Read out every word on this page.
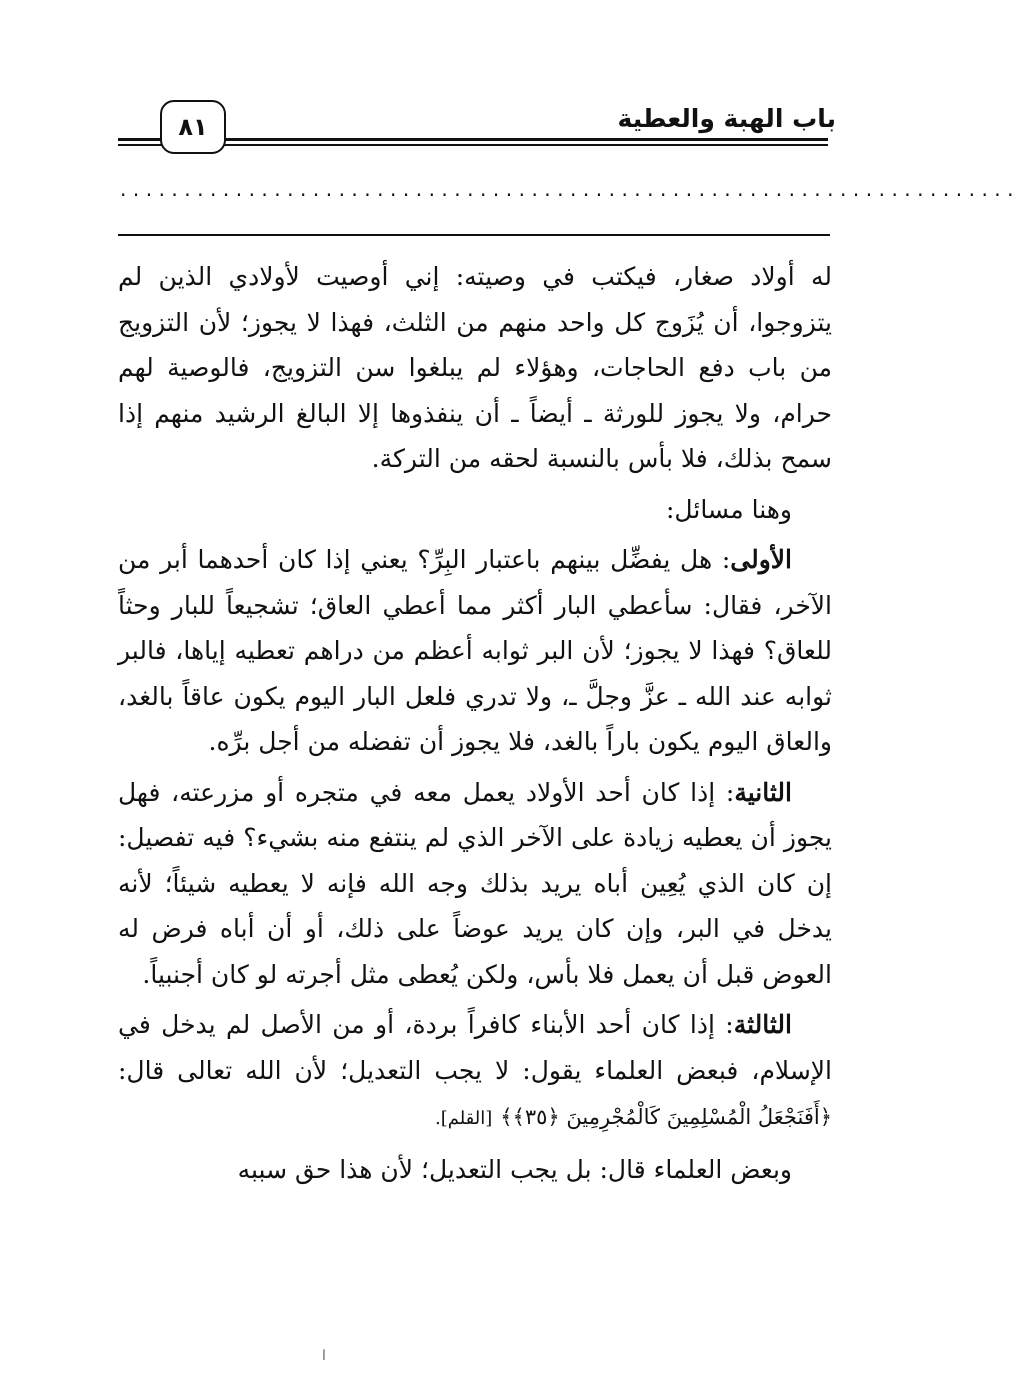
باب الهبة والعطية
٨١
······································································

له أولاد صغار، فيكتب في وصيته: إني أوصيت لأولادي الذين لم يتزوجوا، أن يُزَوج كل واحد منهم من الثلث، فهذا لا يجوز؛ لأن التزويج من باب دفع الحاجات، وهؤلاء لم يبلغوا سن التزويج، فالوصية لهم حرام، ولا يجوز للورثة ـ أيضاً ـ أن ينفذوها إلا البالغ الرشيد منهم إذا سمح بذلك، فلا بأس بالنسبة لحقه من التركة.

وهنا مسائل:

الأولى: هل يفضِّل بينهم باعتبار البِرِّ؟ يعني إذا كان أحدهما أبر من الآخر، فقال: سأعطي البار أكثر مما أعطي العاق؛ تشجيعاً للبار وحثاً للعاق؟ فهذا لا يجوز؛ لأن البر ثوابه أعظم من دراهم تعطيه إياها، فالبر ثوابه عند الله ـ عزَّ وجلَّ ـ، ولا تدري فلعل البار اليوم يكون عاقاً بالغد، والعاق اليوم يكون باراً بالغد، فلا يجوز أن تفضله من أجل برِّه.

الثانية: إذا كان أحد الأولاد يعمل معه في متجره أو مزرعته، فهل يجوز أن يعطيه زيادة على الآخر الذي لم ينتفع منه بشيء؟ فيه تفصيل: إن كان الذي يُعِين أباه يريد بذلك وجه الله فإنه لا يعطيه شيئاً؛ لأنه يدخل في البر، وإن كان يريد عوضاً على ذلك، أو أن أباه فرض له العوض قبل أن يعمل فلا بأس، ولكن يُعطى مثل أجرته لو كان أجنبياً.

الثالثة: إذا كان أحد الأبناء كافراً بردة، أو من الأصل لم يدخل في الإسلام، فبعض العلماء يقول: لا يجب التعديل؛ لأن الله تعالى قال: ﴿أَفَنَجْعَلُ الْمُسْلِمِينَ كَالْمُجْرِمِينَ ﴿٣٥﴾﴾ [القلم].

وبعض العلماء قال: بل يجب التعديل؛ لأن هذا حق سببه

ا
